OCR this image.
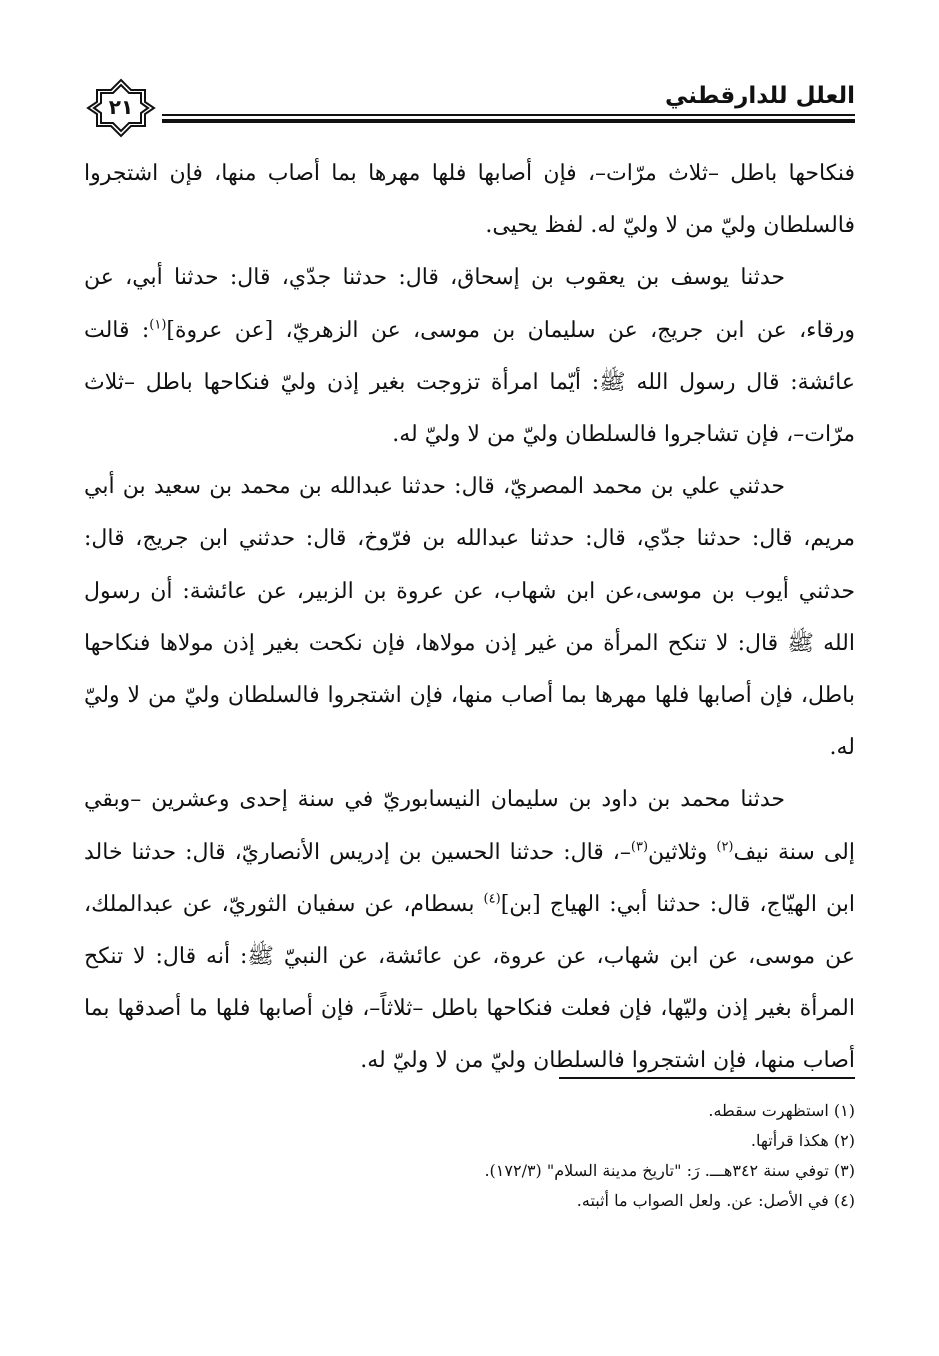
العلل للدارقطني
٢١

فنكاحها باطل –ثلاث مرّات–، فإن أصابها فلها مهرها بما أصاب منها، فإن اشتجروا فالسلطان وليّ من لا وليّ له. لفظ يحيى.

حدثنا يوسف بن يعقوب بن إسحاق، قال: حدثنا جدّي، قال: حدثنا أبي، عن ورقاء، عن ابن جريج، عن سليمان بن موسى، عن الزهريّ، [عن عروة]$^{(١)}$: قالت عائشة: قال رسول الله ﷺ: أيّما امرأة تزوجت بغير إذن وليّ فنكاحها باطل –ثلاث مرّات–، فإن تشاجروا فالسلطان وليّ من لا وليّ له.

حدثني علي بن محمد المصريّ، قال: حدثنا عبدالله بن محمد بن سعيد بن أبي مريم، قال: حدثنا جدّي، قال: حدثنا عبدالله بن فرّوخ، قال: حدثني ابن جريج، قال: حدثني أيوب بن موسى،عن ابن شهاب، عن عروة بن الزبير، عن عائشة: أن رسول الله ﷺ قال: لا تنكح المرأة من غير إذن مولاها، فإن نكحت بغير إذن مولاها فنكاحها باطل، فإن أصابها فلها مهرها بما أصاب منها، فإن اشتجروا فالسلطان وليّ من لا وليّ له.

حدثنا محمد بن داود بن سليمان النيسابوريّ في سنة إحدى وعشرين –وبقي إلى سنة نيف$^{(٢)}$ وثلاثين$^{(٣)}$–، قال: حدثنا الحسين بن إدريس الأنصاريّ، قال: حدثنا خالد ابن الهيّاج، قال: حدثنا أبي: الهياج [بن]$^{(٤)}$ بسطام، عن سفيان الثوريّ، عن عبدالملك، عن موسى، عن ابن شهاب، عن عروة، عن عائشة، عن النبيّ ﷺ: أنه قال: لا تنكح المرأة بغير إذن وليّها، فإن فعلت فنكاحها باطل –ثلاثاً–، فإن أصابها فلها ما أصدقها بما أصاب منها، فإن اشتجروا فالسلطان وليّ من لا وليّ له.

(١) استظهرت سقطه.

(٢) هكذا قرأتها.

(٣) توفي سنة ٣٤٢هـــ. رَ: "تاريخ مدينة السلام" (١٧٢/٣).

(٤) في الأصل: عن. ولعل الصواب ما أثبته.
